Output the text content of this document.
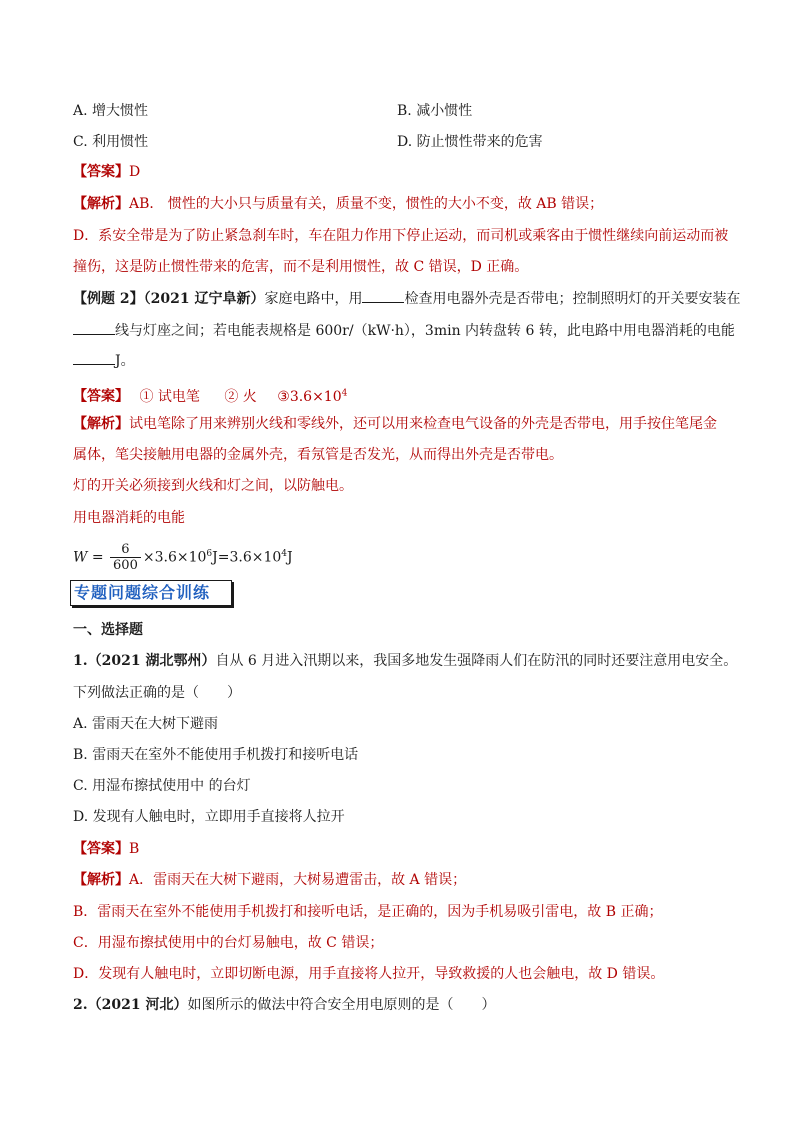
A. 增大惯性	B. 减小惯性
C. 利用惯性	D. 防止惯性带来的危害
【答案】D
【解析】AB． 惯性的大小只与质量有关，质量不变，惯性的大小不变，故 AB 错误；
D．系安全带是为了防止紧急刹车时，车在阻力作用下停止运动，而司机或乘客由于惯性继续向前运动而被
撞伤，这是防止惯性带来的危害，而不是利用惯性，故 C 错误，D 正确。
【例题 2】（2021 辽宁阜新）家庭电路中，用	检查用电器外壳是否带电；控制照明灯的开关要安装在
线与灯座之间；若电能表规格是 600r/（kW·h），3min 内转盘转 6 转，此电路中用电器消耗的电能
J。
【答案】 ① 试电笔 ② 火 $③3.6\times 10^4$
【解析】试电笔除了用来辨别火线和零线外，还可以用来检查电气设备的外壳是否带电，用手按住笔尾金
属体，笔尖接触用电器的金属外壳，看氖管是否发光，从而得出外壳是否带电。
灯的开关必须接到火线和灯之间，以防触电。
用电器消耗的电能
$W = \frac{6}{600} \times 3.6\times 10^6J=3.6\times 10^4J$
专题问题综合训练
一、选择题
1.（2021 湖北鄂州）自从 6 月进入汛期以来，我国多地发生强降雨人们在防汛的同时还要注意用电安全。
下列做法正确的是（　　）
A. 雷雨天在大树下避雨
B. 雷雨天在室外不能使用手机拨打和接听电话
C. 用湿布擦拭使用中 的台灯
D. 发现有人触电时，立即用手直接将人拉开
【答案】B
【解析】A．雷雨天在大树下避雨，大树易遭雷击，故 A 错误；
B．雷雨天在室外不能使用手机拨打和接听电话，是正确的，因为手机易吸引雷电，故 B 正确；
C．用湿布擦拭使用中的台灯易触电，故 C 错误；
D．发现有人触电时，立即切断电源，用手直接将人拉开，导致救援的人也会触电，故 D 错误。
2.（2021 河北）如图所示的做法中符合安全用电原则的是（　　）
